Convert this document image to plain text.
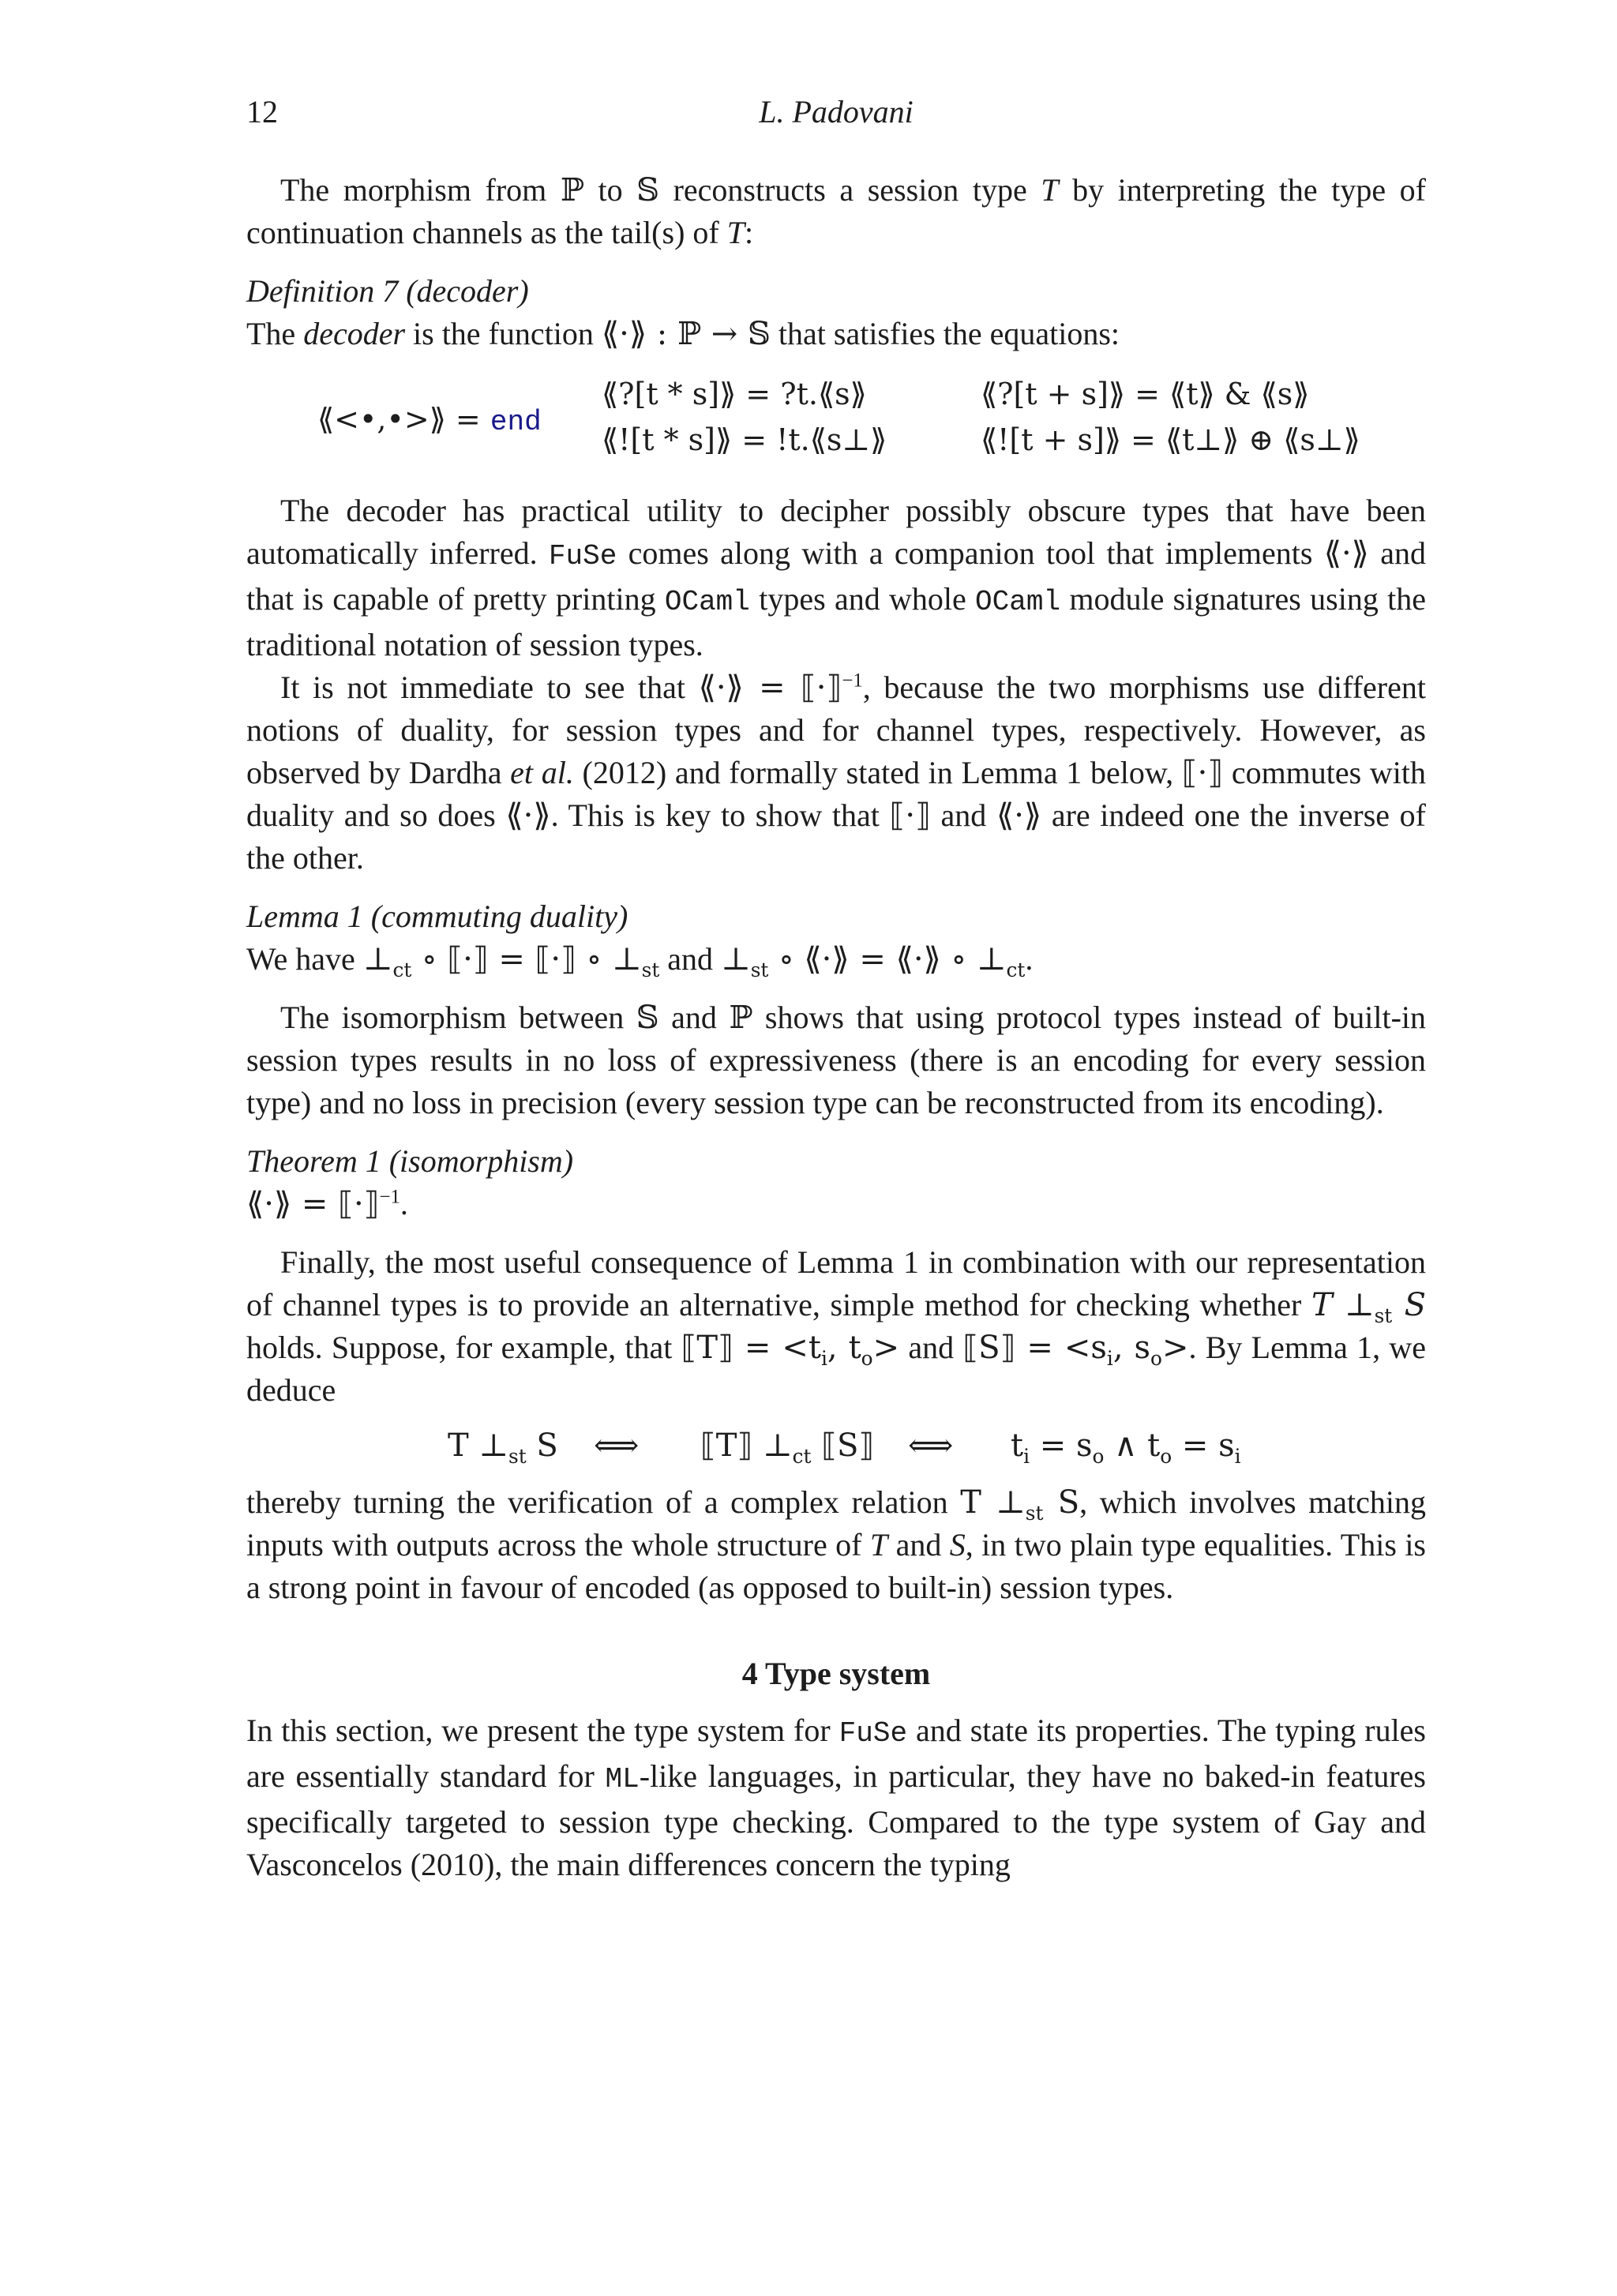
12	L. Padovani

The morphism from ℙ to 𝕊 reconstructs a session type T by interpreting the type of continuation channels as the tail(s) of T:

Definition 7 (decoder)

The decoder is the function ⟪·⟫ : ℙ → 𝕊 that satisfies the equations:

⟪<•,•>⟫ = end
⟪?[t * s]⟫ = ?t.⟪s⟫
⟪![t * s]⟫ = !t.⟪s⊥⟫
⟪?[t + s]⟫ = ⟪t⟫ & ⟪s⟫
⟪![t + s]⟫ = ⟪t⊥⟫ ⊕ ⟪s⊥⟫

The decoder has practical utility to decipher possibly obscure types that have been automatically inferred. FuSe comes along with a companion tool that implements ⟪·⟫ and that is capable of pretty printing OCaml types and whole OCaml module signatures using the traditional notation of session types.

It is not immediate to see that ⟪·⟫ = ⟦·⟧$^{-1}$, because the two morphisms use different notions of duality, for session types and for channel types, respectively. However, as observed by Dardha et al. (2012) and formally stated in Lemma 1 below, ⟦·⟧ commutes with duality and so does ⟪·⟫. This is key to show that ⟦·⟧ and ⟪·⟫ are indeed one the inverse of the other.

Lemma 1 (commuting duality)

We have $\perp_{ct}$ ∘ ⟦·⟧ = ⟦·⟧ ∘ $\perp_{st}$ and $\perp_{st}$ ∘ ⟪·⟫ = ⟪·⟫ ∘ $\perp_{ct}$.

The isomorphism between 𝕊 and ℙ shows that using protocol types instead of built-in session types results in no loss of expressiveness (there is an encoding for every session type) and no loss in precision (every session type can be reconstructed from its encoding).

Theorem 1 (isomorphism)

⟪·⟫ = ⟦·⟧$^{-1}$.

Finally, the most useful consequence of Lemma 1 in combination with our representation of channel types is to provide an alternative, simple method for checking whether T $\perp_{st}$ S holds. Suppose, for example, that ⟦T⟧ = $<t_i$, $t_o>$ and ⟦S⟧ = $<s_i$, $s_o>$. By Lemma 1, we deduce

T $\perp_{st}$ S ⟺ ⟦T⟧ $\perp_{ct}$ ⟦S⟧ ⟺ $t_i = s_o$ ∧ $t_o = s_i$

thereby turning the verification of a complex relation T $\perp_{st}$ S, which involves matching inputs with outputs across the whole structure of T and S, in two plain type equalities. This is a strong point in favour of encoded (as opposed to built-in) session types.

4 Type system

In this section, we present the type system for FuSe and state its properties. The typing rules are essentially standard for ML-like languages, in particular, they have no baked-in features specifically targeted to session type checking. Compared to the type system of Gay and Vasconcelos (2010), the main differences concern the typing
